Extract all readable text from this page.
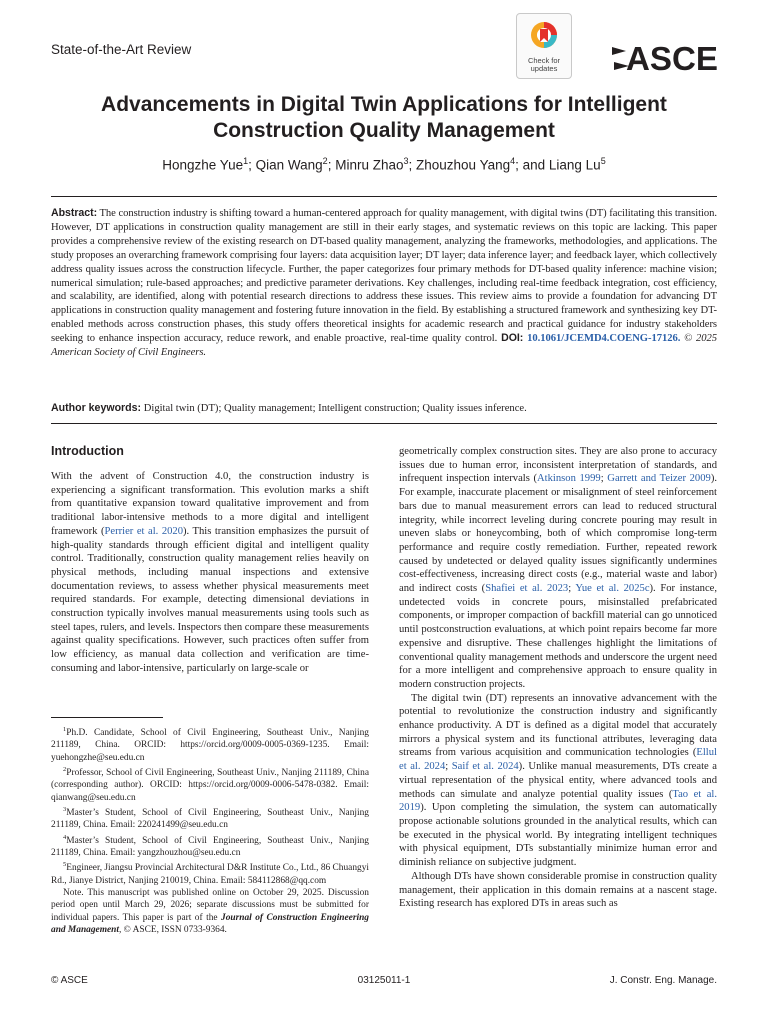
State-of-the-Art Review
Check for
updates	ASCE
Advancements in Digital Twin Applications for Intelligent Construction Quality Management
Hongzhe Yue$^1$; Qian Wang$^2$; Minru Zhao$^3$; Zhouzhou Yang$^4$; and Liang Lu$^5$
Abstract: The construction industry is shifting toward a human-centered approach for quality management, with digital twins (DT) facilitating this transition. However, DT applications in construction quality management are still in their early stages, and systematic reviews on this topic are lacking. This paper provides a comprehensive review of the existing research on DT-based quality management, analyzing the frameworks, methodologies, and applications. The study proposes an overarching framework comprising four layers: data acquisition layer; DT layer; data inference layer; and feedback layer, which collectively address quality issues across the construction lifecycle. Further, the paper categorizes four primary methods for DT-based quality inference: machine vision; numerical simulation; rule-based approaches; and predictive parameter derivations. Key challenges, including real-time feedback integration, cost efficiency, and scalability, are identified, along with potential research directions to address these issues. This review aims to provide a foundation for advancing DT applications in construction quality management and fostering future innovation in the field. By establishing a structured framework and synthesizing key DT-enabled methods across construction phases, this study offers theoretical insights for academic research and practical guidance for industry stakeholders seeking to enhance inspection accuracy, reduce rework, and enable proactive, real-time quality control. DOI: 10.1061/JCEMD4.COENG-17126. © 2025 American Society of Civil Engineers.
Author keywords: Digital twin (DT); Quality management; Intelligent construction; Quality issues inference.
Introduction

With the advent of Construction 4.0, the construction industry is experiencing a significant transformation. This evolution marks a shift from quantitative expansion toward qualitative improvement and from traditional labor-intensive methods to a more digital and intelligent framework (Perrier et al. 2020). This transition emphasizes the pursuit of high-quality standards through efficient digital and intelligent quality control. Traditionally, construction quality management relies heavily on physical methods, including manual inspections and extensive documentation reviews, to assess whether physical measurements meet required standards. For example, detecting dimensional deviations in construction typically involves manual measurements using tools such as steel tapes, rulers, and levels. Inspectors then compare these measurements against quality specifications. However, such practices often suffer from low efficiency, as manual data collection and verification are time-consuming and labor-intensive, particularly on large-scale or

$^1$Ph.D. Candidate, School of Civil Engineering, Southeast Univ., Nanjing 211189, China. ORCID: https://orcid.org/0009-0005-0369-1235. Email: yuehongzhe@seu.edu.cn

$^2$Professor, School of Civil Engineering, Southeast Univ., Nanjing 211189, China (corresponding author). ORCID: https://orcid.org/0009-0006-5478-0382. Email: qianwang@seu.edu.cn

$^3$Master’s Student, School of Civil Engineering, Southeast Univ., Nanjing 211189, China. Email: 220241499@seu.edu.cn

$^4$Master’s Student, School of Civil Engineering, Southeast Univ., Nanjing 211189, China. Email: yangzhouzhou@seu.edu.cn

$^5$Engineer, Jiangsu Provincial Architectural D&R Institute Co., Ltd., 86 Chuangyi Rd., Jianye District, Nanjing 210019, China. Email: 584112868@qq.com

Note. This manuscript was published online on October 29, 2025. Discussion period open until March 29, 2026; separate discussions must be submitted for individual papers. This paper is part of the Journal of Construction Engineering and Management, © ASCE, ISSN 0733-9364.

geometrically complex construction sites. They are also prone to accuracy issues due to human error, inconsistent interpretation of standards, and infrequent inspection intervals (Atkinson 1999; Garrett and Teizer 2009). For example, inaccurate placement or misalignment of steel reinforcement bars due to manual measurement errors can lead to reduced structural integrity, while incorrect leveling during concrete pouring may result in uneven slabs or honeycombing, both of which compromise long-term performance and require costly remediation. Further, repeated rework caused by undetected or delayed quality issues significantly undermines cost-effectiveness, increasing direct costs (e.g., material waste and labor) and indirect costs (Shafiei et al. 2023; Yue et al. 2025c). For instance, undetected voids in concrete pours, misinstalled prefabricated components, or improper compaction of backfill material can go unnoticed until postconstruction evaluations, at which point repairs become far more expensive and disruptive. These challenges highlight the limitations of conventional quality management methods and underscore the urgent need for a more intelligent and comprehensive approach to ensure quality in modern construction projects.

The digital twin (DT) represents an innovative advancement with the potential to revolutionize the construction industry and significantly enhance productivity. A DT is defined as a digital model that accurately mirrors a physical system and its functional attributes, leveraging data streams from various acquisition and communication technologies (Ellul et al. 2024; Saif et al. 2024). Unlike manual measurements, DTs create a virtual representation of the physical entity, where advanced tools and methods can simulate and analyze potential quality issues (Tao et al. 2019). Upon completing the simulation, the system can automatically propose actionable solutions grounded in the analytical results, which can be executed in the physical world. By integrating intelligent techniques with physical equipment, DTs substantially minimize human error and diminish reliance on subjective judgment.

Although DTs have shown considerable promise in construction quality management, their application in this domain remains at a nascent stage. Existing research has explored DTs in areas such as

© ASCE	03125011-1	J. Constr. Eng. Manage.
